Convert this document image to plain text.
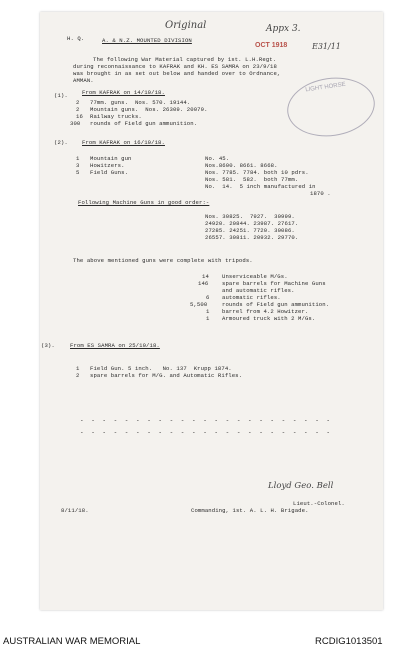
H. Q.	A. & N.Z. MOUNTED DIVISION
Original	Appx 3.
OCT 1918	E31/11
The following War Material captured by 1st. L.H.Regt.
during reconnaissance to KAFRAK and KH. ES SAMRA on 23/9/18
was brought in as set out below and handed over to Ordnance,
AMMAN.
LIGHT HORSE
(1).	From KAFRAK on 14/10/18.
2 77mm. guns.  Nos. 570. 19144.
2 Mountain guns.  Nos. 26309. 20079.
16 Railway trucks.
300 rounds of Field gun ammunition.
(2).	From KAFRAK on 16/10/18.
1 Mountain gun	No. 45.
3 Howitzers.	Nos.8600. 8661. 8668.
5 Field Guns.	Nos. 7785. 7784. both 10 pdrs.
Nos. 581.  582.  both 77mm.
No.  14.  5 inch manufactured in
1870 .
Following Machine Guns in good order:-
Nos. 30825.  7927.  30999.
24920. 20844. 23987. 27617.
27285. 24251. 7720. 30086.
26557. 30811. 20932. 29770.
The above mentioned guns were complete with tripods.
14 Unserviceable M/Gs.
146 spare barrels for Machine Guns
and automatic rifles.
6 automatic rifles.
5,500	rounds of Field gun ammunition.
1 barrel from 4.2 Howitzer.
1 Armoured truck with 2 M/Gs.
(3).	From ES SAMRA on 25/10/18.
1 Field Gun. 5 inch.   No. 137  Krupp 1874.
2 spare barrels for M/G. and Automatic Rifles.
- - - - - - - - - - - - - - - - - - - - - - -
- - - - - - - - - - - - - - - - - - - - - - -
Lloyd Geo. Bell
Lieut.-Colonel.
8/11/18.	Commanding, 1st. A. L. H. Brigade.
AUSTRALIAN WAR MEMORIAL	RCDIG1013501
